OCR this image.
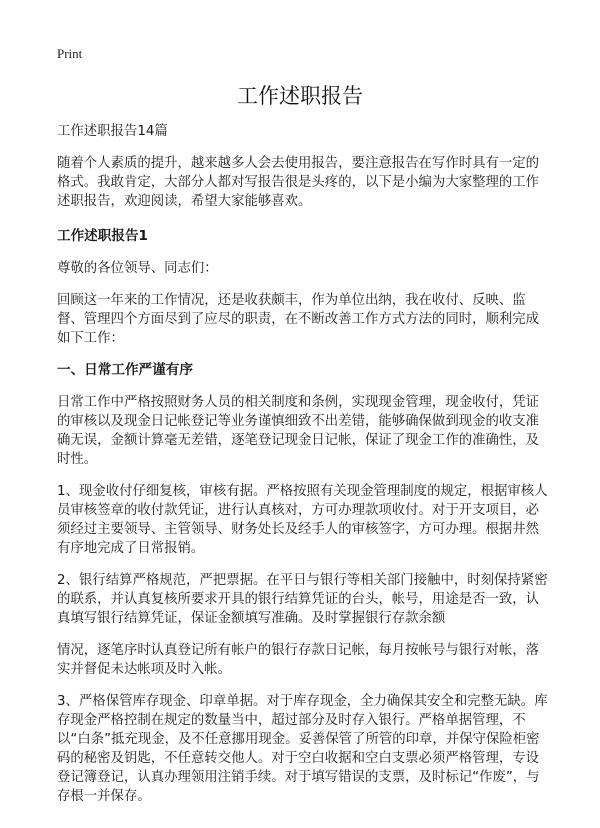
Print
工作述职报告

工作述职报告14篇

随着个人素质的提升，越来越多人会去使用报告，要注意报告在写作时具有一定的格式。我敢肯定，大部分人都对写报告很是头疼的，以下是小编为大家整理的工作述职报告，欢迎阅读，希望大家能够喜欢。

工作述职报告1

尊敬的各位领导、同志们：

回顾这一年来的工作情况，还是收获颇丰，作为单位出纳，我在收付、反映、监督、管理四个方面尽到了应尽的职责，在不断改善工作方式方法的同时，顺利完成如下工作：

一、日常工作严谨有序

日常工作中严格按照财务人员的相关制度和条例，实现现金管理，现金收付，凭证的审核以及现金日记帐登记等业务谨慎细致不出差错，能够确保做到现金的收支准确无误，金额计算毫无差错，逐笔登记现金日记帐，保证了现金工作的准确性，及时性。

1、现金收付仔细复核，审核有据。严格按照有关现金管理制度的规定，根据审核人员审核签章的收付款凭证，进行认真核对，方可办理款项收付。对于开支项目，必须经过主要领导、主管领导、财务处长及经手人的审核签字，方可办理。根据井然有序地完成了日常报销。

2、银行结算严格规范，严把票据。在平日与银行等相关部门接触中，时刻保持紧密的联系，并认真复核所要求开具的银行结算凭证的台头，帐号，用途是否一致，认真填写银行结算凭证，保证金额填写准确。及时掌握银行存款余额

情况，逐笔序时认真登记所有帐户的银行存款日记帐，每月按帐号与银行对帐，落实并督促未达帐项及时入帐。

3、严格保管库存现金、印章单据。对于库存现金，全力确保其安全和完整无缺。库存现金严格控制在规定的数量当中，超过部分及时存入银行。严格单据管理，不以“白条”抵充现金，及不任意挪用现金。妥善保管了所管的印章，并保守保险柜密码的秘密及钥匙，不任意转交他人。对于空白收据和空白支票必须严格管理，专设登记簿登记，认真办理领用注销手续。对于填写错误的支票，及时标记“作废”，与存根一并保存。
